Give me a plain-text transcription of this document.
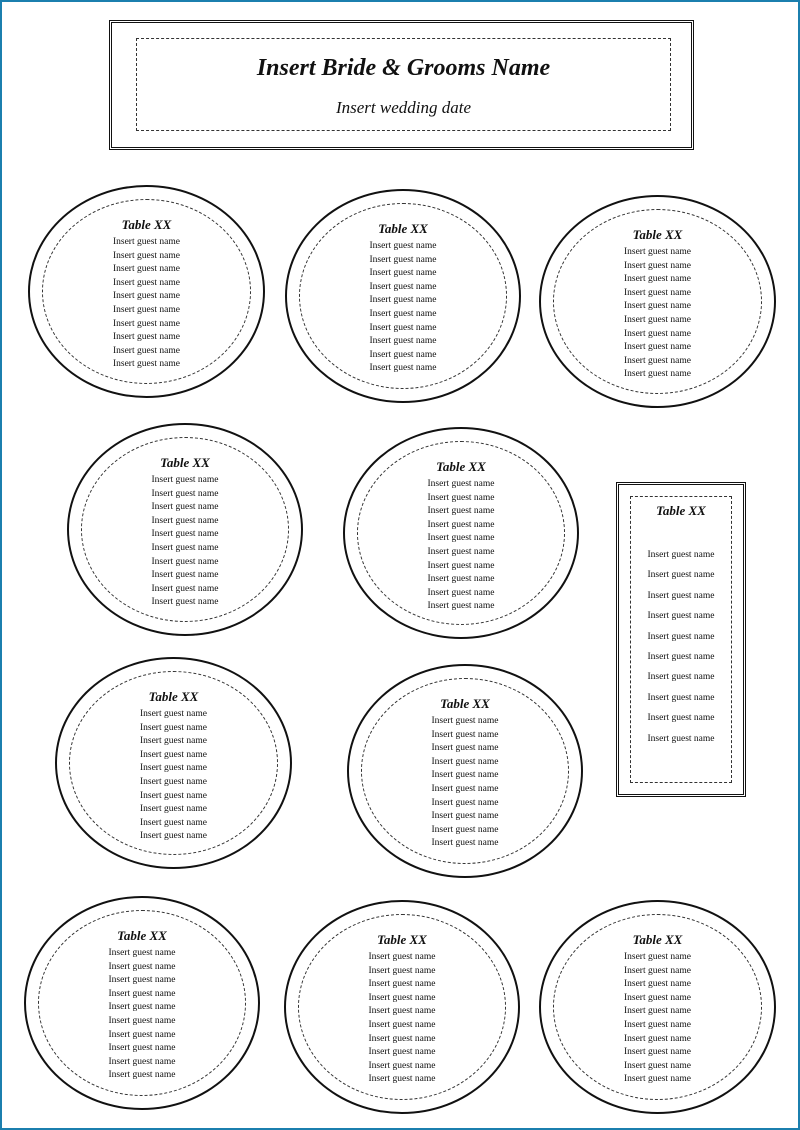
Insert Bride & Grooms Name
Insert wedding date
Table XX
Insert guest name
Insert guest name
Insert guest name
Insert guest name
Insert guest name
Insert guest name
Insert guest name
Insert guest name
Insert guest name
Insert guest name
Table XX
Insert guest name
Insert guest name
Insert guest name
Insert guest name
Insert guest name
Insert guest name
Insert guest name
Insert guest name
Insert guest name
Insert guest name
Table XX
Insert guest name
Insert guest name
Insert guest name
Insert guest name
Insert guest name
Insert guest name
Insert guest name
Insert guest name
Insert guest name
Insert guest name
Table XX
Insert guest name
Insert guest name
Insert guest name
Insert guest name
Insert guest name
Insert guest name
Insert guest name
Insert guest name
Insert guest name
Insert guest name
Table XX
Insert guest name
Insert guest name
Insert guest name
Insert guest name
Insert guest name
Insert guest name
Insert guest name
Insert guest name
Insert guest name
Insert guest name
Table XX
Insert guest name
Insert guest name
Insert guest name
Insert guest name
Insert guest name
Insert guest name
Insert guest name
Insert guest name
Insert guest name
Insert guest name
Table XX
Insert guest name
Insert guest name
Insert guest name
Insert guest name
Insert guest name
Insert guest name
Insert guest name
Insert guest name
Insert guest name
Insert guest name
Table XX
Insert guest name
Insert guest name
Insert guest name
Insert guest name
Insert guest name
Insert guest name
Insert guest name
Insert guest name
Insert guest name
Insert guest name
Table XX
Insert guest name
Insert guest name
Insert guest name
Insert guest name
Insert guest name
Insert guest name
Insert guest name
Insert guest name
Insert guest name
Insert guest name
Table XX
Insert guest name
Insert guest name
Insert guest name
Insert guest name
Insert guest name
Insert guest name
Insert guest name
Insert guest name
Insert guest name
Insert guest name
Table XX
Insert guest name
Insert guest name
Insert guest name
Insert guest name
Insert guest name
Insert guest name
Insert guest name
Insert guest name
Insert guest name
Insert guest name
